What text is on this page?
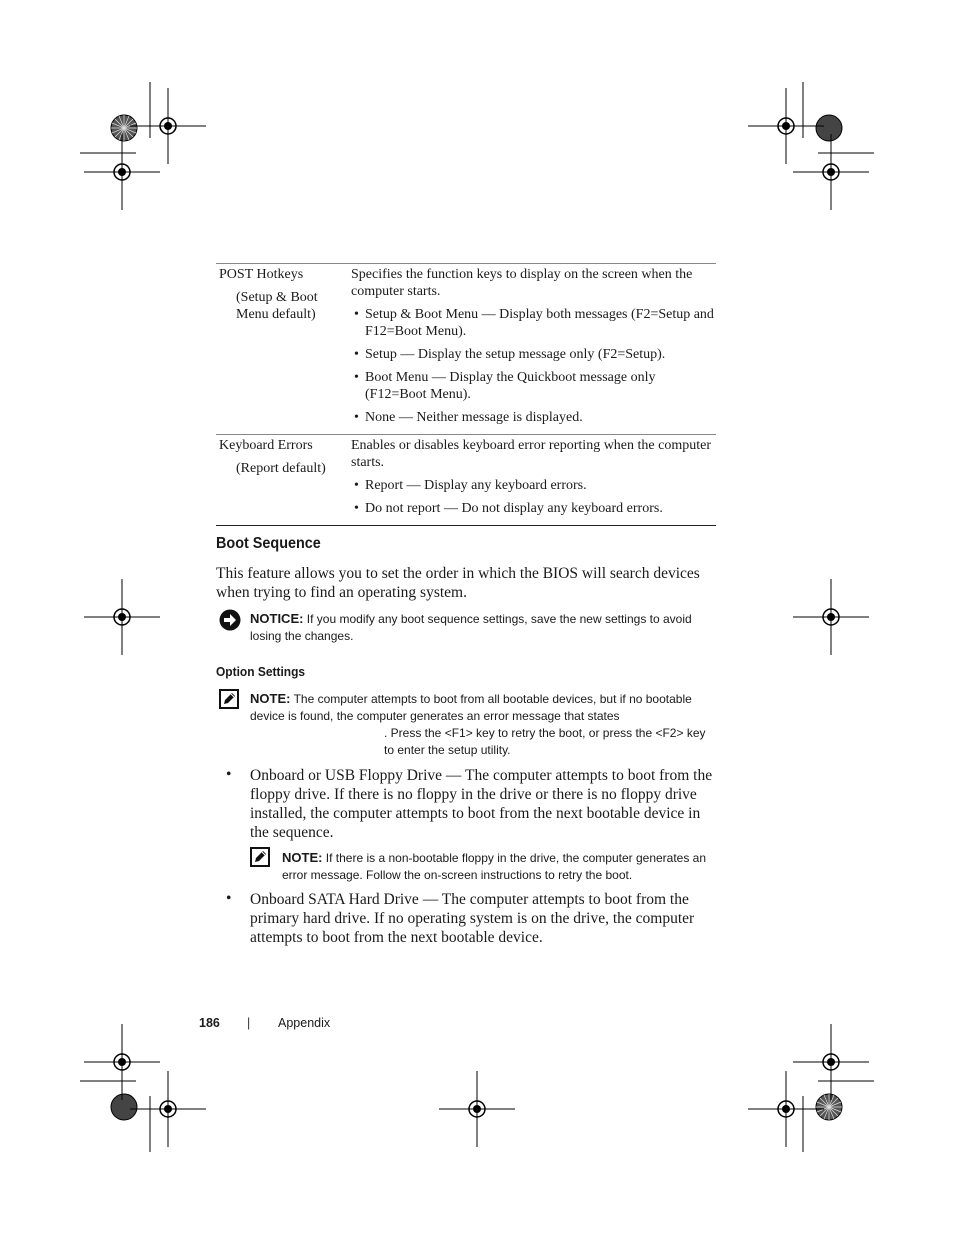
POST Hotkeys
(Setup & Boot Menu default)

Specifies the function keys to display on the screen when the computer starts.

• Setup & Boot Menu — Display both messages (F2=Setup and F12=Boot Menu).
• Setup — Display the setup message only (F2=Setup).
• Boot Menu — Display the Quickboot message only (F12=Boot Menu).
• None — Neither message is displayed.
Keyboard Errors
(Report default)

Enables or disables keyboard error reporting when the computer starts.

• Report — Display any keyboard errors.
• Do not report — Do not display any keyboard errors.
Boot Sequence

This feature allows you to set the order in which the BIOS will search devices when trying to find an operating system.

NOTICE: If you modify any boot sequence settings, save the new settings to avoid losing the changes.

Option Settings
NOTE: The computer attempts to boot from all bootable devices, but if no bootable device is found, the computer generates an error message that states
. Press the <F1> key to retry the boot, or press the <F2> key to enter the setup utility.
• Onboard or USB Floppy Drive — The computer attempts to boot from the floppy drive. If there is no floppy in the drive or there is no floppy drive installed, the computer attempts to boot from the next bootable device in the sequence.

NOTE: If there is a non-bootable floppy in the drive, the computer generates an error message. Follow the on-screen instructions to retry the boot.

• Onboard SATA Hard Drive — The computer attempts to boot from the primary hard drive. If no operating system is on the drive, the computer attempts to boot from the next bootable device.

186 | Appendix
